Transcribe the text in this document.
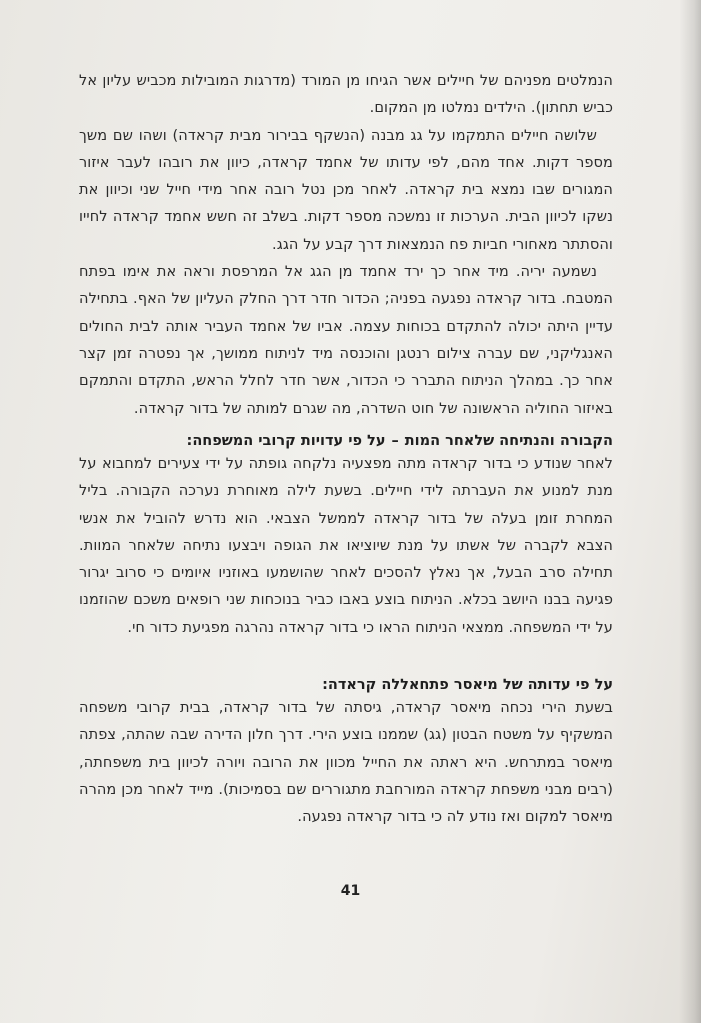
הנמלטים מפניהם של חיילים אשר הגיחו מן המורד (מדרגות המובילות מכביש עליון אל כביש תחתון). הילדים נמלטו מן המקום.

שלושה חיילים התמקמו על גג מבנה (הנשקף בבירור מבית קראדה) ושהו שם משך מספר דקות. אחד מהם, לפי עדותו של אחמד קראדה, כיוון את רובהו לעבר איזור המגורים שבו נמצא בית קראדה. לאחר מכן נטל רובה אחר מידי חייל שני וכיוון את נשקו לכיוון הבית. הערכות זו נמשכה מספר דקות. בשלב זה חשש אחמד קראדה לחייו והסתתר מאחורי חביות פח הנמצאות דרך קבע על הגג.

נשמעה יריה. מיד אחר כך ירד אחמד מן הגג אל המרפסת וראה את אימו בפתח המטבח. בדור קראדה נפגעה בפניה; הכדור חדר דרך החלק העליון של האף. בתחילה עדיין היתה יכולה להתקדם בכוחות עצמה. אביו של אחמד העביר אותה לבית החולים האנגליקני, שם עברה צילום רנטגן והוכנסה מיד לניתוח ממושך, אך נפטרה זמן קצר אחר כך. במהלך הניתוח התברר כי הכדור, אשר חדר לחלל הראש, התקדם והתמקם באיזור החוליה הראשונה של חוט השדרה, מה שגרם למותה של בדור קראדה.

הקבורה והנתיחה שלאחר המות–על פי עדויות קרובי המשפחה:

לאחר שנודע כי בדור קראדה מתה מפצעיה נלקחה גופתה על ידי צעירים למחבוא על מנת למנוע את העברתה לידי חיילים. בשעת לילה מאוחרת נערכה הקבורה. בליל המחרת זומן בעלה של בדור קראדה לממשל הצבאי. הוא נדרש להוביל את אנשי הצבא לקברה של אשתו על מנת שיוציאו את הגופה ויבצעו נתיחה שלאחר המוות. תחילה סרב הבעל, אך נאלץ להסכים לאחר שהושמעו באוזניו איומים כי סרוב יגרור פגיעה בבנו היושב בכלא. הניתוח בוצע באבו כביר בנוכחות שני רופאים משכם שהוזמנו על ידי המשפחה. ממצאי הניתוח הראו כי בדור קראדה נהרגה מפגיעת כדור חי.

על פי עדותה של מיאסר פתחאללה קראדה:

בשעת הירי נכחה מיאסר קראדה, גיסתה של בדור קראדה, בבית קרובי משפחה המשקיף על משטח הבטון (גג) שממנו בוצע הירי. דרך חלון הדירה שבה שהתה, צפתה מיאסר במתרחש. היא ראתה את החייל מכוון את הרובה ויורה לכיוון בית משפחתה, (רבים מבני משפחת קראדה המורחבת מתגוררים שם בסמיכות). מייד לאחר מכן מהרה מיאסר למקום ואז נודע לה כי בדור קראדה נפגעה.

41
